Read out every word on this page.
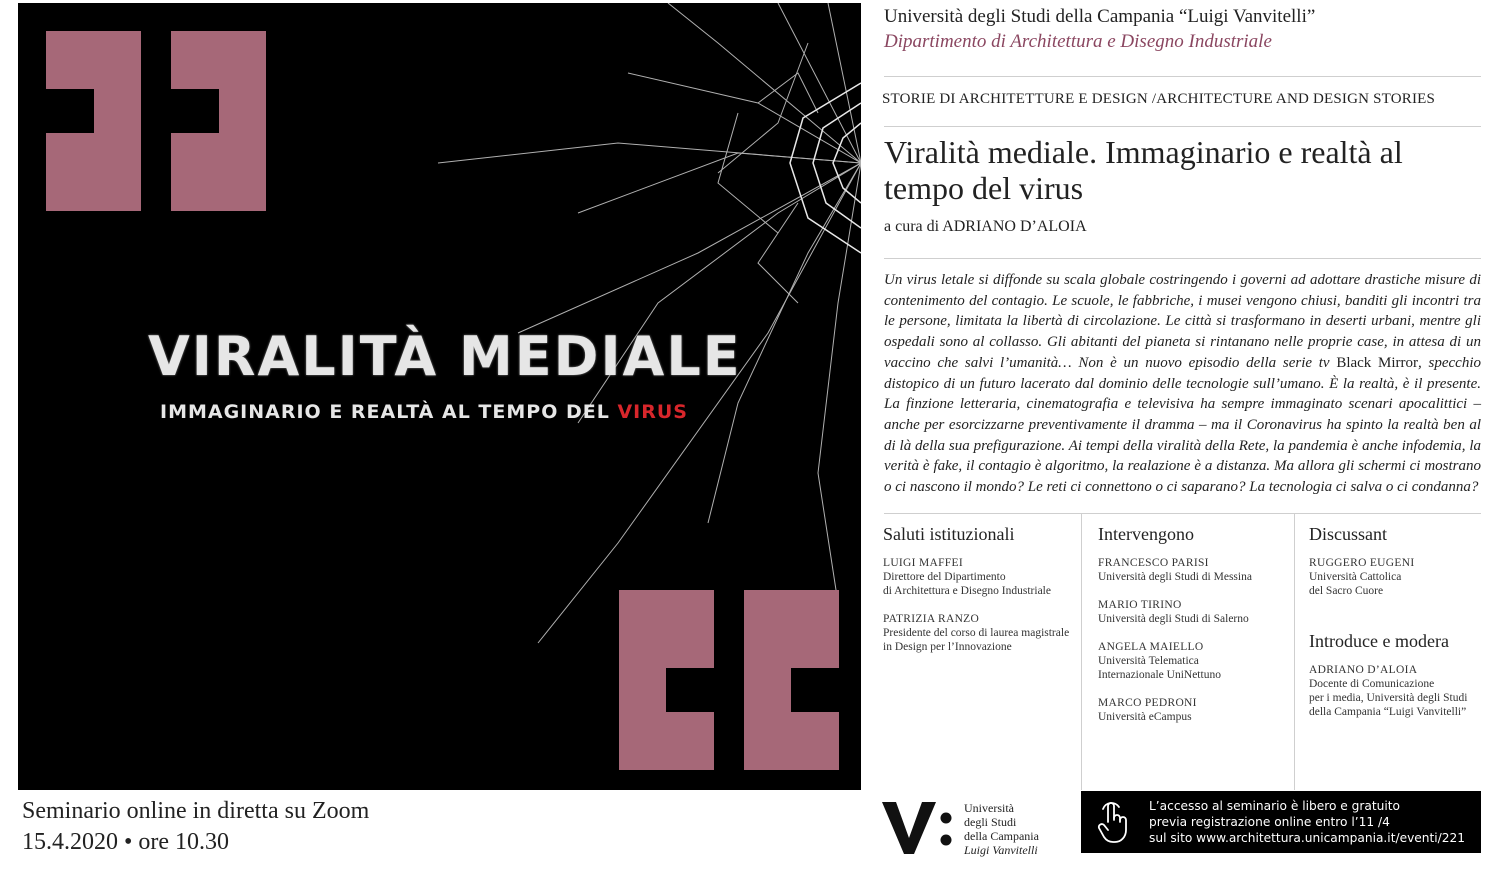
VIRALITÀ MEDIALE
IMMAGINARIO E REALTÀ AL TEMPO DEL VIRUS
Seminario online in diretta su Zoom
15.4.2020 • ore 10.30
Università degli Studi della Campania “Luigi Vanvitelli”
Dipartimento di Architettura e Disegno Industriale
STORIE DI ARCHITETTURE E DESIGN /ARCHITECTURE AND DESIGN STORIES
Viralità mediale. Immaginario e realtà al tempo del virus
a cura di ADRIANO D’ALOIA
Un virus letale si diffonde su scala globale costringendo i governi ad adottare drastiche misure di contenimento del contagio. Le scuole, le fabbriche, i musei vengono chiusi, banditi gli incontri tra le persone, limitata la libertà di circolazione. Le città si trasformano in deserti urbani, mentre gli ospedali sono al collasso. Gli abitanti del pianeta si rintanano nelle proprie case, in attesa di un vaccino che salvi l’umanità… Non è un nuovo episodio della serie tv Black Mirror, specchio distopico di un futuro lacerato dal dominio delle tecnologie sull’umano. È la realtà, è il presente. La finzione letteraria, cinematografia e televisiva ha sempre immaginato scenari apocalittici – anche per esorcizzarne preventivamente il dramma – ma il Coronavirus ha spinto la realtà ben al di là della sua prefigurazione. Ai tempi della viralità della Rete, la pandemia è anche infodemia, la verità è fake, il contagio è algoritmo, la realazione è a distanza. Ma allora gli schermi ci mostrano o ci nascono il mondo? Le reti ci connettono o ci saparano? La tecnologia ci salva o ci condanna?
Saluti istituzionali
LUIGI MAFFEI
Direttore del Dipartimento
di Architettura e Disegno Industriale
PATRIZIA RANZO
Presidente del corso di laurea magistrale
in Design per l’Innovazione
Intervengono
FRANCESCO PARISI
Università degli Studi di Messina
MARIO TIRINO
Università degli Studi di Salerno
ANGELA MAIELLO
Università Telematica
Internazionale UniNettuno
MARCO PEDRONI
Università eCampus
Discussant
RUGGERO EUGENI
Università Cattolica
del Sacro Cuore
Introduce e modera
ADRIANO D’ALOIA
Docente di Comunicazione
per i media, Università degli Studi
della Campania “Luigi Vanvitelli”
Università
degli Studi
della Campania
Luigi Vanvitelli
L’accesso al seminario è libero e gratuito
previa registrazione online entro l’11 /4
sul sito www.architettura.unicampania.it/eventi/221
